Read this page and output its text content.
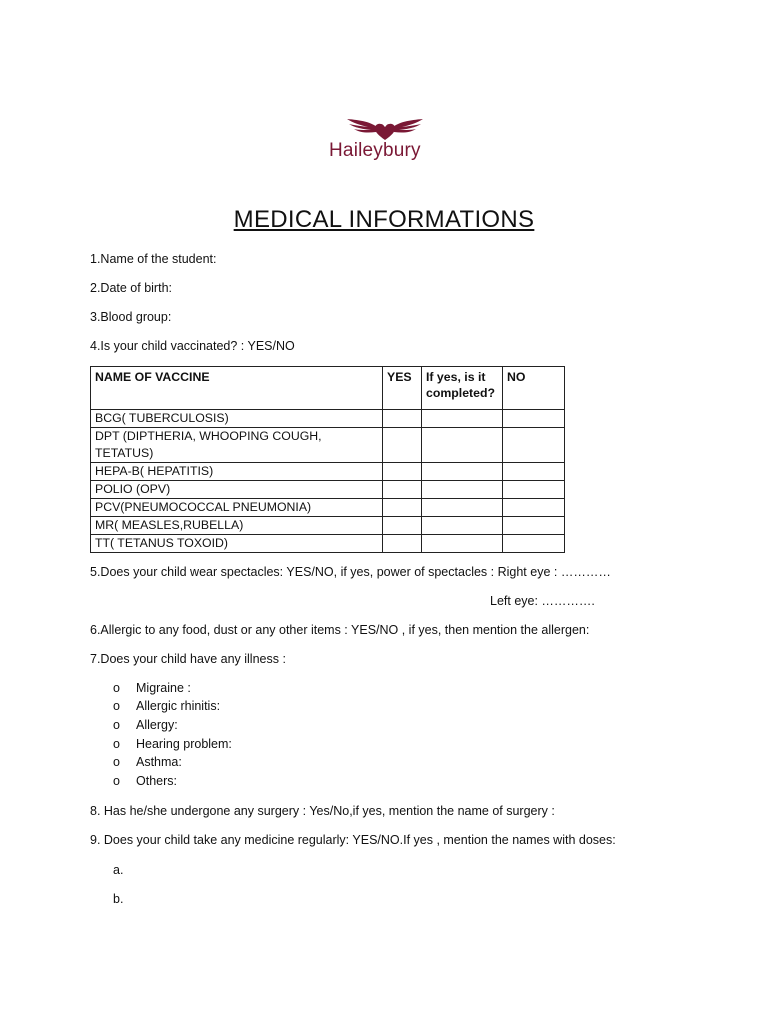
Haileybury
MEDICAL INFORMATIONS
1.Name of the student:
2.Date of birth:
3.Blood group:
4.Is your child vaccinated? : YES/NO
NAME OF VACCINE	YES	If yes, is it completed?	NO
BCG( TUBERCULOSIS)			
DPT (DIPTHERIA, WHOOPING COUGH, TETATUS)			
HEPA-B( HEPATITIS)			
POLIO (OPV)			
PCV(PNEUMOCOCCAL PNEUMONIA)			
MR( MEASLES,RUBELLA)			
TT( TETANUS TOXOID)			
5.Does your child wear spectacles: YES/NO, if yes, power of spectacles : Right eye : …………
Left eye: ………….
6.Allergic to any food, dust or any other items : YES/NO , if yes, then mention the allergen:
7.Does your child have any illness :
o Migraine :
o Allergic rhinitis:
o Allergy:
o Hearing problem:
o Asthma:
o Others:
8. Has he/she undergone any surgery : Yes/No,if yes, mention the name of surgery :
9. Does your child take any medicine regularly: YES/NO.If yes , mention the names with doses:
a.
b.
